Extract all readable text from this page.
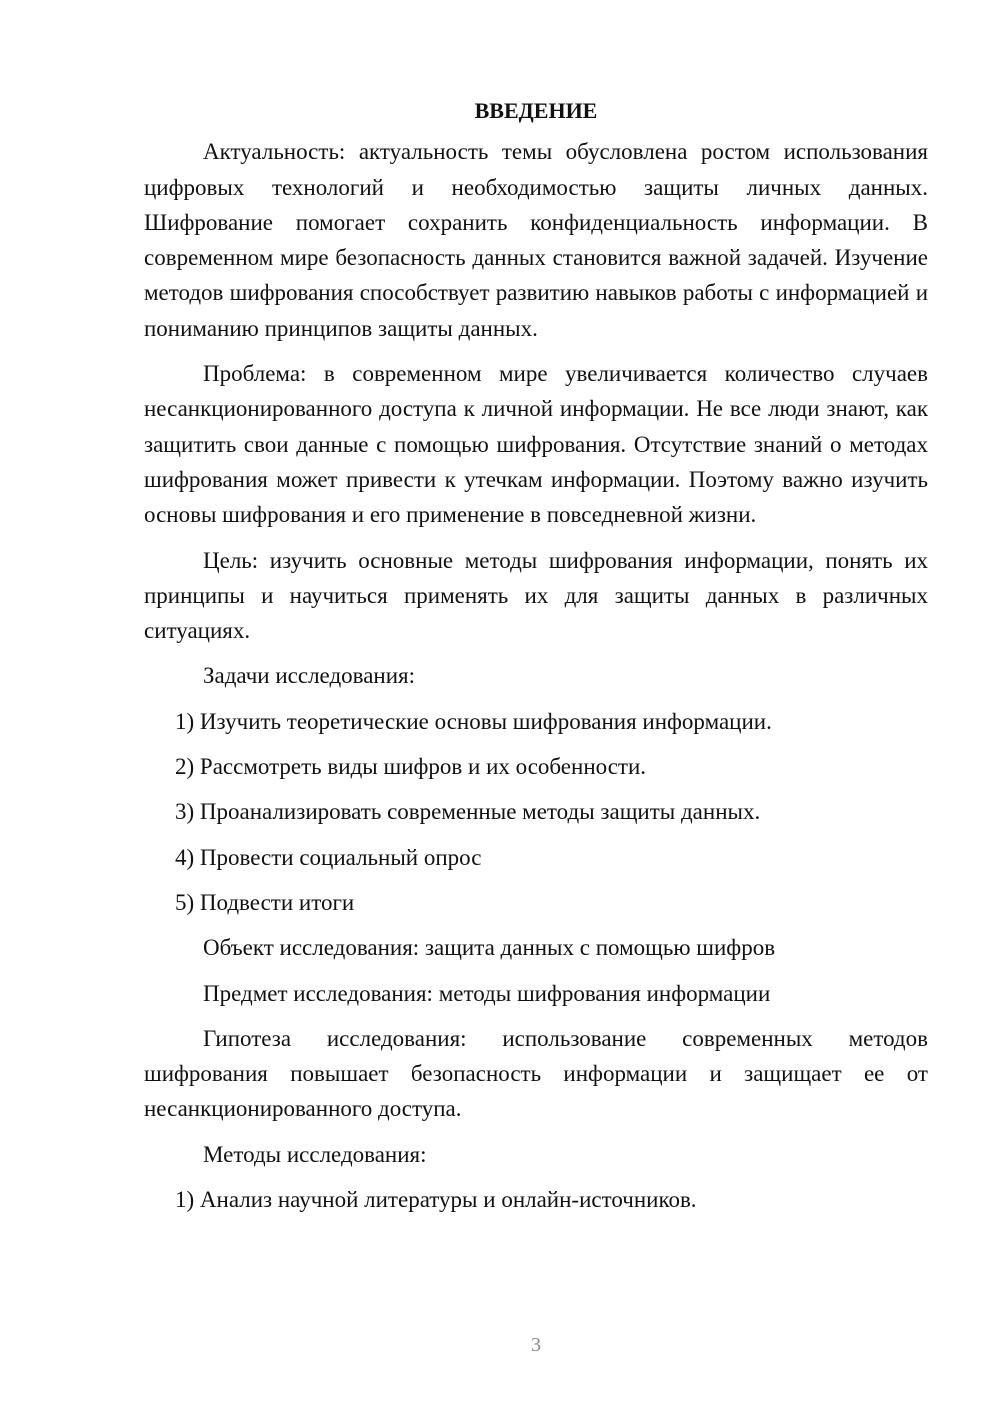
ВВЕДЕНИЕ

Актуальность: актуальность темы обусловлена ростом использования цифровых технологий и необходимостью защиты личных данных. Шифрование помогает сохранить конфиденциальность информации. В современном мире безопасность данных становится важной задачей. Изучение методов шифрования способствует развитию навыков работы с информацией и пониманию принципов защиты данных.

Проблема: в современном мире увеличивается количество случаев несанкционированного доступа к личной информации. Не все люди знают, как защитить свои данные с помощью шифрования. Отсутствие знаний о методах шифрования может привести к утечкам информации. Поэтому важно изучить основы шифрования и его применение в повседневной жизни.

Цель: изучить основные методы шифрования информации, понять их принципы и научиться применять их для защиты данных в различных ситуациях.

Задачи исследования:

1) Изучить теоретические основы шифрования информации.

2) Рассмотреть виды шифров и их особенности.

3) Проанализировать современные методы защиты данных.

4) Провести социальный опрос

5) Подвести итоги

Объект исследования: защита данных с помощью шифров

Предмет исследования: методы шифрования информации

Гипотеза исследования: использование современных методов шифрования повышает безопасность информации и защищает ее от несанкционированного доступа.

Методы исследования:

1) Анализ научной литературы и онлайн-источников.

3
